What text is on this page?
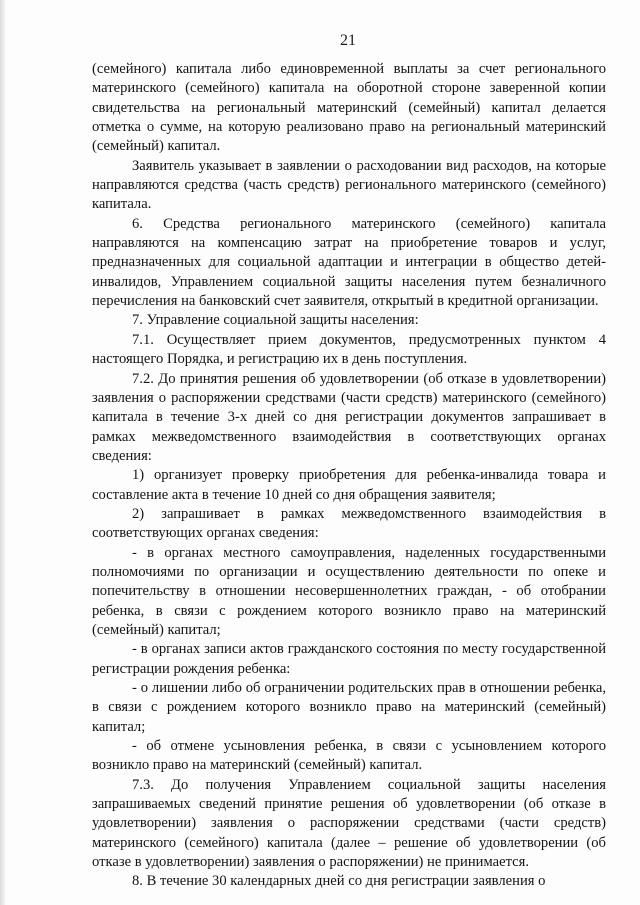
21

(семейного) капитала либо единовременной выплаты за счет регионального материнского (семейного) капитала на оборотной стороне заверенной копии свидетельства на региональный материнский (семейный) капитал делается отметка о сумме, на которую реализовано право на региональный материнский (семейный) капитал.

Заявитель указывает в заявлении о расходовании вид расходов, на которые направляются средства (часть средств) регионального материнского (семейного) капитала.

6. Средства регионального материнского (семейного) капитала направляются на компенсацию затрат на приобретение товаров и услуг, предназначенных для социальной адаптации и интеграции в общество детей-инвалидов, Управлением социальной защиты населения путем безналичного перечисления на банковский счет заявителя, открытый в кредитной организации.

7. Управление социальной защиты населения:

7.1. Осуществляет прием документов, предусмотренных пунктом 4 настоящего Порядка, и регистрацию их в день поступления.

7.2. До принятия решения об удовлетворении (об отказе в удовлетворении) заявления о распоряжении средствами (части средств) материнского (семейного) капитала в течение 3-х дней со дня регистрации документов запрашивает в рамках межведомственного взаимодействия в соответствующих органах сведения:

1) организует проверку приобретения для ребенка-инвалида товара и составление акта в течение 10 дней со дня обращения заявителя;

2) запрашивает в рамках межведомственного взаимодействия в соответствующих органах сведения:

- в органах местного самоуправления, наделенных государственными полномочиями по организации и осуществлению деятельности по опеке и попечительству в отношении несовершеннолетних граждан, - об отобрании ребенка, в связи с рождением которого возникло право на материнский (семейный) капитал;

- в органах записи актов гражданского состояния по месту государственной регистрации рождения ребенка:

- о лишении либо об ограничении родительских прав в отношении ребенка, в связи с рождением которого возникло право на материнский (семейный) капитал;

- об отмене усыновления ребенка, в связи с усыновлением которого возникло право на материнский (семейный) капитал.

7.3. До получения Управлением социальной защиты населения запрашиваемых сведений принятие решения об удовлетворении (об отказе в удовлетворении) заявления о распоряжении средствами (части средств) материнского (семейного) капитала (далее – решение об удовлетворении (об отказе в удовлетворении) заявления о распоряжении) не принимается.

8. В течение 30 календарных дней со дня регистрации заявления о
